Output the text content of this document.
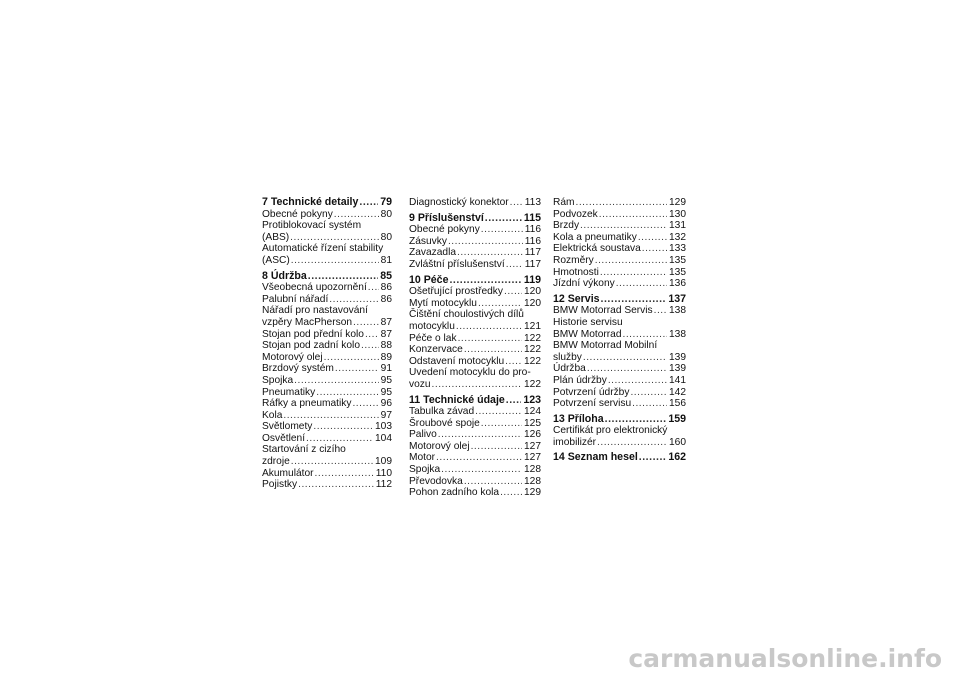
7 Technické detaily ..... 79
Obecné pokyny .....	80
Protiblokovací systém
(ABS) .....	80
Automatické řízení stability
(ASC) .....	81
8 Údržba .....	85
Všeobecná upozornění ..... 86
Palubní nářadí .....	86
Nářadí pro nastavování
vzpěry MacPherson .....	87
Stojan pod přední kolo ..... 87
Stojan pod zadní kolo ..... 88
Motorový olej .....	89
Brzdový systém .....	91
Spojka .....	95
Pneumatiky .....	95
Ráfky a pneumatiky .....	96
Kola .....	97
Světlomety .....	103
Osvětlení .....	104
Startování z cizího
zdroje .....	109
Akumulátor .....	110
Pojistky .....	112
Diagnostický konektor ..... 113
9 Příslušenství .....	115
Obecné pokyny .....	116
Zásuvky .....	116
Zavazadla .....	117
Zvláštní příslušenství ..... 117
10 Péče .....	119
Ošetřující prostředky ..... 120
Mytí motocyklu .....	120
Čištění choulostivých dílů
motocyklu .....	121
Péče o lak .....	122
Konzervace .....	122
Odstavení motocyklu ..... 122
Uvedení motocyklu do pro-
vozu .....	122
11 Technické údaje ..... 123
Tabulka závad .....	124
Šroubové spoje .....	125
Palivo .....	126
Motorový olej .....	127
Motor .....	127
Spojka .....	128
Převodovka .....	128
Pohon zadního kola ..... 129
Rám .....	129
Podvozek .....	130
Brzdy .....	131
Kola a pneumatiky .....	132
Elektrická soustava .....	133
Rozměry .....	135
Hmotnosti .....	135
Jízdní výkony .....	136
12 Servis .....	137
BMW Motorrad Servis ..... 138
Historie servisu
BMW Motorrad .....	138
BMW Motorrad Mobilní
služby .....	139
Údržba .....	139
Plán údržby .....	141
Potvrzení údržby .....	142
Potvrzení servisu .....	156
13 Příloha .....	159
Certifikát pro elektronický
imobilizér .....	160
14 Seznam hesel .....	162
carmanualsonline.info
